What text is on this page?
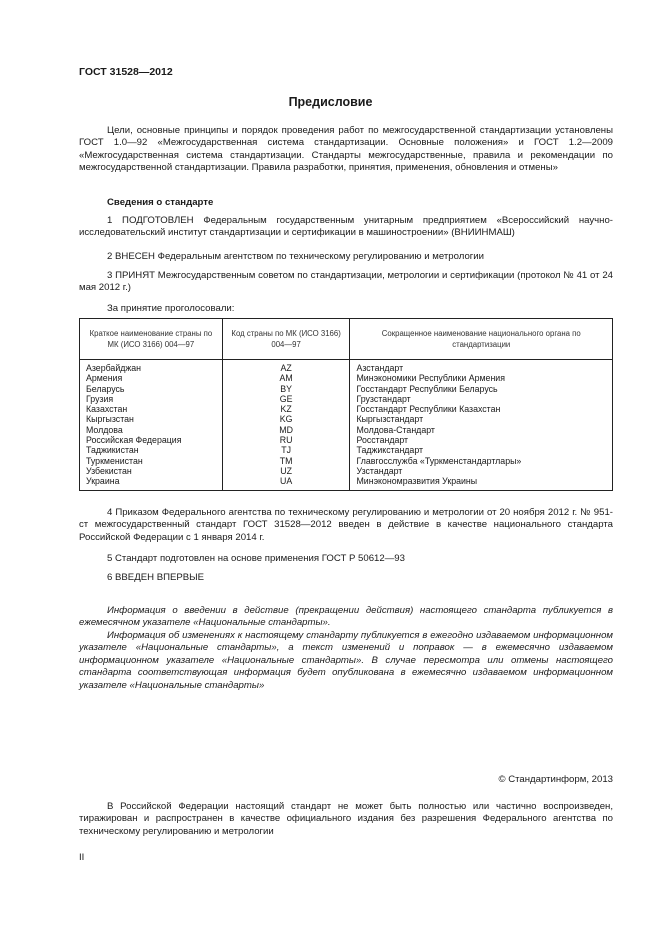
ГОСТ 31528—2012
Предисловие
Цели, основные принципы и порядок проведения работ по межгосударственной стандартизации установлены ГОСТ 1.0—92 «Межгосударственная система стандартизации. Основные положения» и ГОСТ 1.2—2009 «Межгосударственная система стандартизации. Стандарты межгосударственные, правила и рекомендации по межгосударственной стандартизации. Правила разработки, принятия, применения, обновления и отмены»
Сведения о стандарте
1 ПОДГОТОВЛЕН Федеральным государственным унитарным предприятием «Всероссийский научно-исследовательский институт стандартизации и сертификации в машиностроении» (ВНИИНМАШ)
2 ВНЕСЕН Федеральным агентством по техническому регулированию и метрологии
3 ПРИНЯТ Межгосударственным советом по стандартизации, метрологии и сертификации (протокол № 41 от 24 мая 2012 г.)
За принятие проголосовали:
Краткое наименование страны по МК (ИСО 3166) 004—97	Код страны по МК (ИСО 3166) 004—97	Сокращенное наименование национального органа по стандартизации
Азербайджан	AZ	Азстандарт
Армения	AM	Минэкономики Республики Армения
Беларусь	BY	Госстандарт Республики Беларусь
Грузия	GE	Грузстандарт
Казахстан	KZ	Госстандарт Республики Казахстан
Кыргызстан	KG	Кыргызстандарт
Молдова	MD	Молдова-Стандарт
Российская Федерация	RU	Росстандарт
Таджикистан	TJ	Таджикстандарт
Туркменистан	TM	Главгосслужба «Туркменстандартлары»
Узбекистан	UZ	Узстандарт
Украина	UA	Минэкономразвития Украины
4 Приказом Федерального агентства по техническому регулированию и метрологии от 20 ноября 2012 г. № 951-ст межгосударственный стандарт ГОСТ 31528—2012 введен в действие в качестве национального стандарта Российской Федерации с 1 января 2014 г.
5 Стандарт подготовлен на основе применения ГОСТ Р 50612—93
6 ВВЕДЕН ВПЕРВЫЕ
Информация о введении в действие (прекращении действия) настоящего стандарта публикуется в ежемесячном указателе «Национальные стандарты».
Информация об изменениях к настоящему стандарту публикуется в ежегодно издаваемом информационном указателе «Национальные стандарты», а текст изменений и поправок — в ежемесячно издаваемом информационном указателе «Национальные стандарты». В случае пересмотра или отмены настоящего стандарта соответствующая информация будет опубликована в ежемесячно издаваемом информационном указателе «Национальные стандарты»
© Стандартинформ, 2013
В Российской Федерации настоящий стандарт не может быть полностью или частично воспроизведен, тиражирован и распространен в качестве официального издания без разрешения Федерального агентства по техническому регулированию и метрологии
II
